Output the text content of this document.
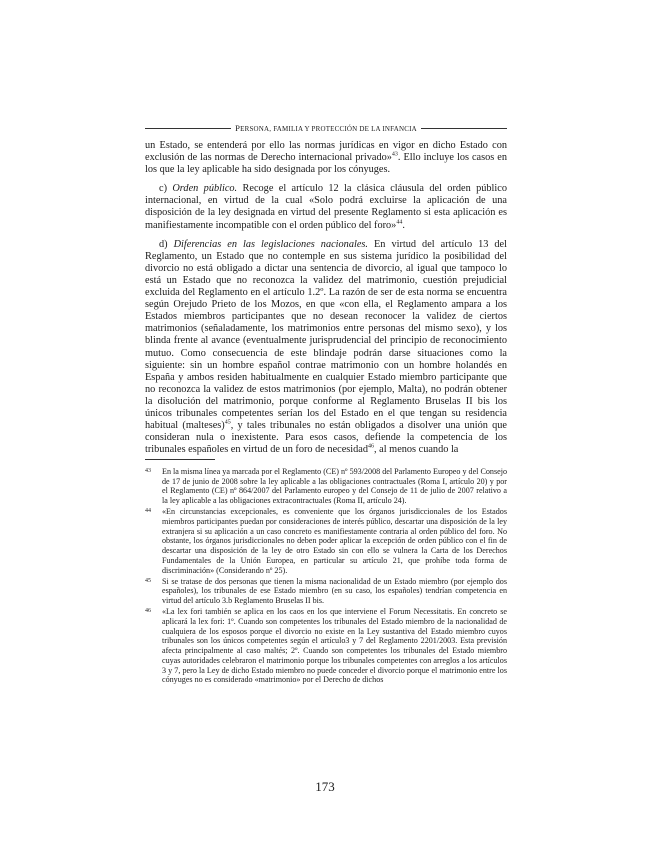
PERSONA, FAMILIA Y PROTECCIÓN DE LA INFANCIA

un Estado, se entenderá por ello las normas jurídicas en vigor en dicho Estado con exclusión de las normas de Derecho internacional privado»$^{43}$. Ello incluye los casos en los que la ley aplicable ha sido designada por los cónyuges.

c) Orden público. Recoge el artículo 12 la clásica cláusula del orden público internacional, en virtud de la cual «Solo podrá excluirse la aplicación de una disposición de la ley designada en virtud del presente Reglamento si esta aplicación es manifiestamente incompatible con el orden público del foro»$^{44}$.

d) Diferencias en las legislaciones nacionales. En virtud del artículo 13 del Reglamento, un Estado que no contemple en sus sistema jurídico la posibilidad del divorcio no está obligado a dictar una sentencia de divorcio, al igual que tampoco lo está un Estado que no reconozca la validez del matrimonio, cuestión prejudicial excluida del Reglamento en el artículo 1.2º. La razón de ser de esta norma se encuentra según Orejudo Prieto de los Mozos, en que «con ella, el Reglamento ampara a los Estados miembros participantes que no desean reconocer la validez de ciertos matrimonios (señaladamente, los matrimonios entre personas del mismo sexo), y los blinda frente al avance (eventualmente jurisprudencial del principio de reconocimiento mutuo. Como consecuencia de este blindaje podrán darse situaciones como la siguiente: sin un hombre español contrae matrimonio con un hombre holandés en España y ambos residen habitualmente en cualquier Estado miembro participante que no reconozca la validez de estos matrimonios (por ejemplo, Malta), no podrán obtener la disolución del matrimonio, porque conforme al Reglamento Bruselas II bis los únicos tribunales competentes serían los del Estado en el que tengan su residencia habitual (malteses)$^{45}$, y tales tribunales no están obligados a disolver una unión que consideran nula o inexistente. Para esos casos, defiende la competencia de los tribunales españoles en virtud de un foro de necesidad$^{46}$, al menos cuando la

43 En la misma línea ya marcada por el Reglamento (CE) nº 593/2008 del Parlamento Europeo y del Consejo de 17 de junio de 2008 sobre la ley aplicable a las obligaciones contractuales (Roma I, artículo 20) y por el Reglamento (CE) nº 864/2007 del Parlamento europeo y del Consejo de 11 de julio de 2007 relativo a la ley aplicable a las obligaciones extracontractuales (Roma II, artículo 24).
44 «En circunstancias excepcionales, es conveniente que los órganos jurisdiccionales de los Estados miembros participantes puedan por consideraciones de interés público, descartar una disposición de la ley extranjera si su aplicación a un caso concreto es manifiestamente contraria al orden público del foro. No obstante, los órganos jurisdiccionales no deben poder aplicar la excepción de orden público con el fin de descartar una disposición de la ley de otro Estado sin con ello se vulnera la Carta de los Derechos Fundamentales de la Unión Europea, en particular su artículo 21, que prohíbe toda forma de discriminación» (Considerando nº 25).
45 Si se tratase de dos personas que tienen la misma nacionalidad de un Estado miembro (por ejemplo dos españoles), los tribunales de ese Estado miembro (en su caso, los españoles) tendrían competencia en virtud del artículo 3.b Reglamento Bruselas II bis.
46 «La lex fori también se aplica en los caos en los que interviene el Forum Necessitatis. En concreto se aplicará la lex fori: 1º. Cuando son competentes los tribunales del Estado miembro de la nacionalidad de cualquiera de los esposos porque el divorcio no existe en la Ley sustantiva del Estado miembro cuyos tribunales son los únicos competentes según el artículo3 y 7 del Reglamento 2201/2003. Esta previsión afecta principalmente al caso maltés; 2º. Cuando son competentes los tribunales del Estado miembro cuyas autoridades celebraron el matrimonio porque los tribunales competentes con arreglos a los artículos 3 y 7, pero la Ley de dicho Estado miembro no puede conceder el divorcio porque el matrimonio entre los cónyuges no es considerado «matrimonio» por el Derecho de dichos
173
